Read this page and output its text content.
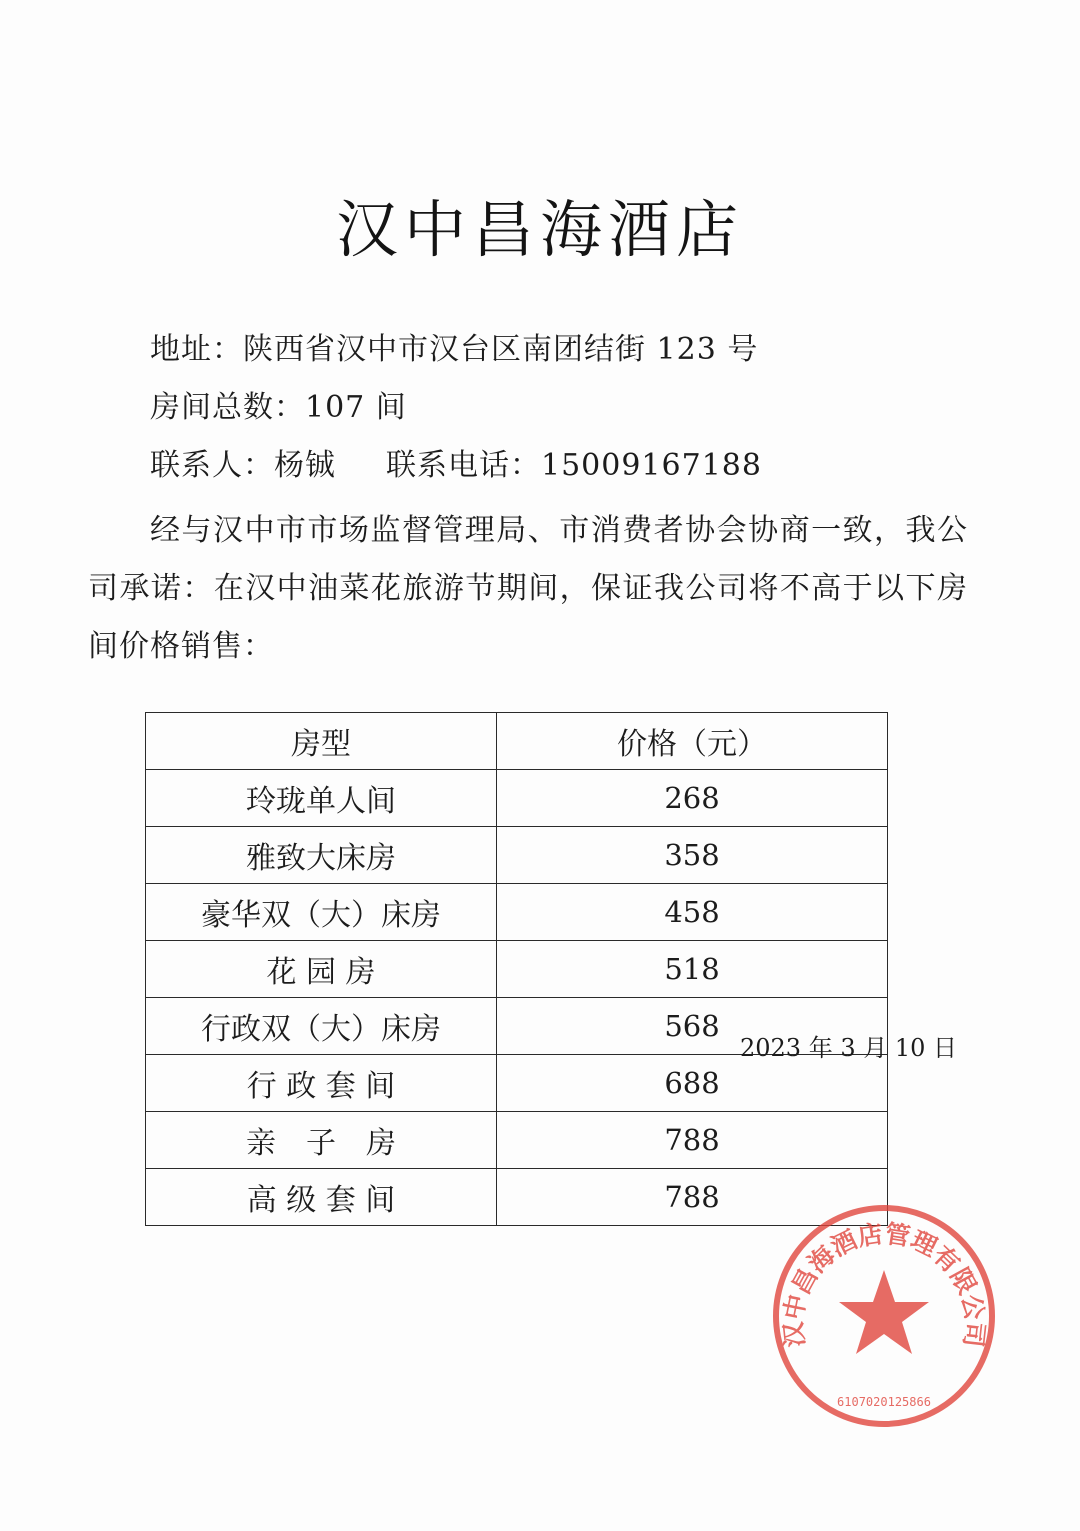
汉中昌海酒店
地址：陕西省汉中市汉台区南团结街 123 号
房间总数：107 间
联系人：杨铖 联系电话：15009167188
经与汉中市市场监督管理局、市消费者协会协商一致，我公司承诺：在汉中油菜花旅游节期间，保证我公司将不高于以下房间价格销售：
房型	价格（元）
玲珑单人间	268
雅致大床房	358
豪华双（大）床房	458
花 园 房	518
行政双（大）床房	568
行 政 套 间	688
亲　子　房	788
高 级 套 间	788
汉中昌海酒店管理有限公司
6107020125866
2023 年 3 月 10 日
